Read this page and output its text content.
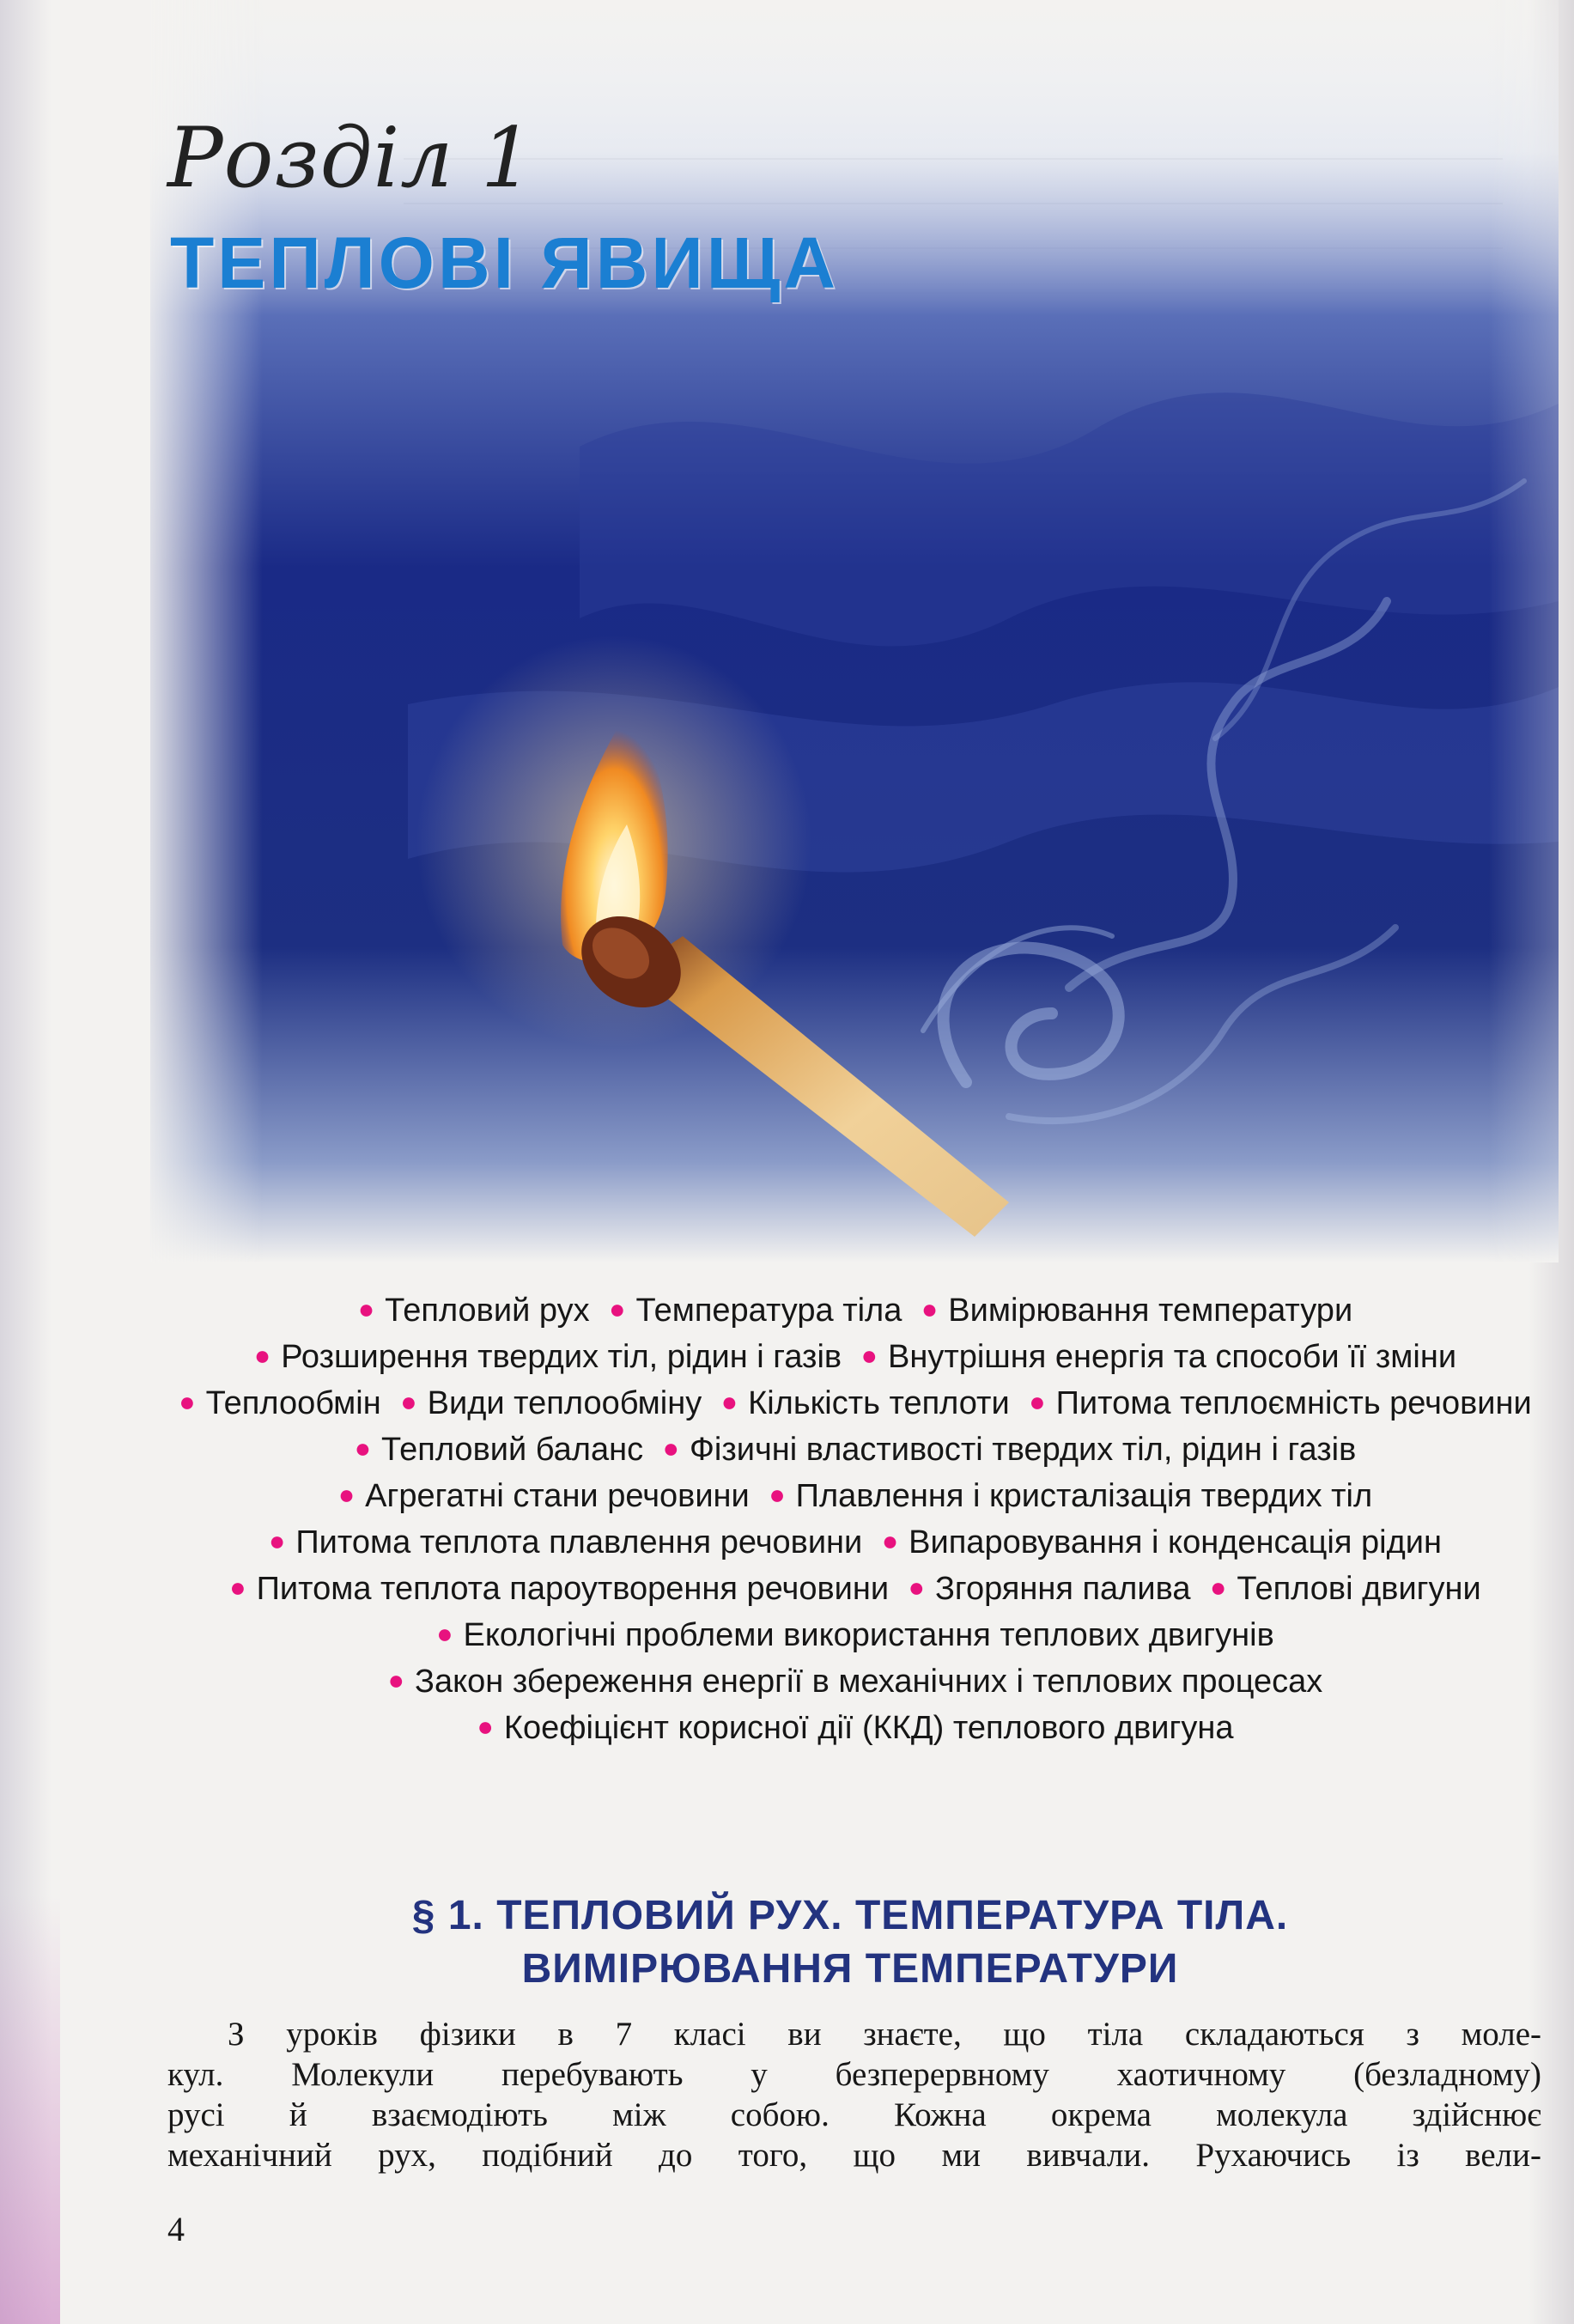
Розділ 1
ТЕПЛОВІ ЯВИЩА
● Тепловий рух ● Температура тіла ● Вимірювання температури ● Розширення твердих тіл, рідин і газів ● Внутрішня енергія та способи її зміни ● Теплообмін ● Види теплообміну ● Кількість теплоти ● Питома теплоємність речовини ● Тепловий баланс ● Фізичні властивості твердих тіл, рідин і газів ● Агрегатні стани речовини ● Плавлення і кристалізація твердих тіл ● Питома теплота плавлення речовини ● Випаровування і конденсація рідин ● Питома теплота пароутворення речовини ● Згоряння палива ● Теплові двигуни ● Екологічні проблеми використання теплових двигунів ● Закон збереження енергії в механічних і теплових процесах ● Коефіцієнт корисної дії (ККД) теплового двигуна
§ 1. ТЕПЛОВИЙ РУХ. ТЕМПЕРАТУРА ТІЛА.
ВИМІРЮВАННЯ ТЕМПЕРАТУРИ
З уроків фізики в 7 класі ви знаєте, що тіла складаються з моле-
кул. Молекули перебувають у безперервному хаотичному (безладному)
русі й взаємодіють між собою. Кожна окрема молекула здійснює
механічний рух, подібний до того, що ми вивчали. Рухаючись із вели-
4
